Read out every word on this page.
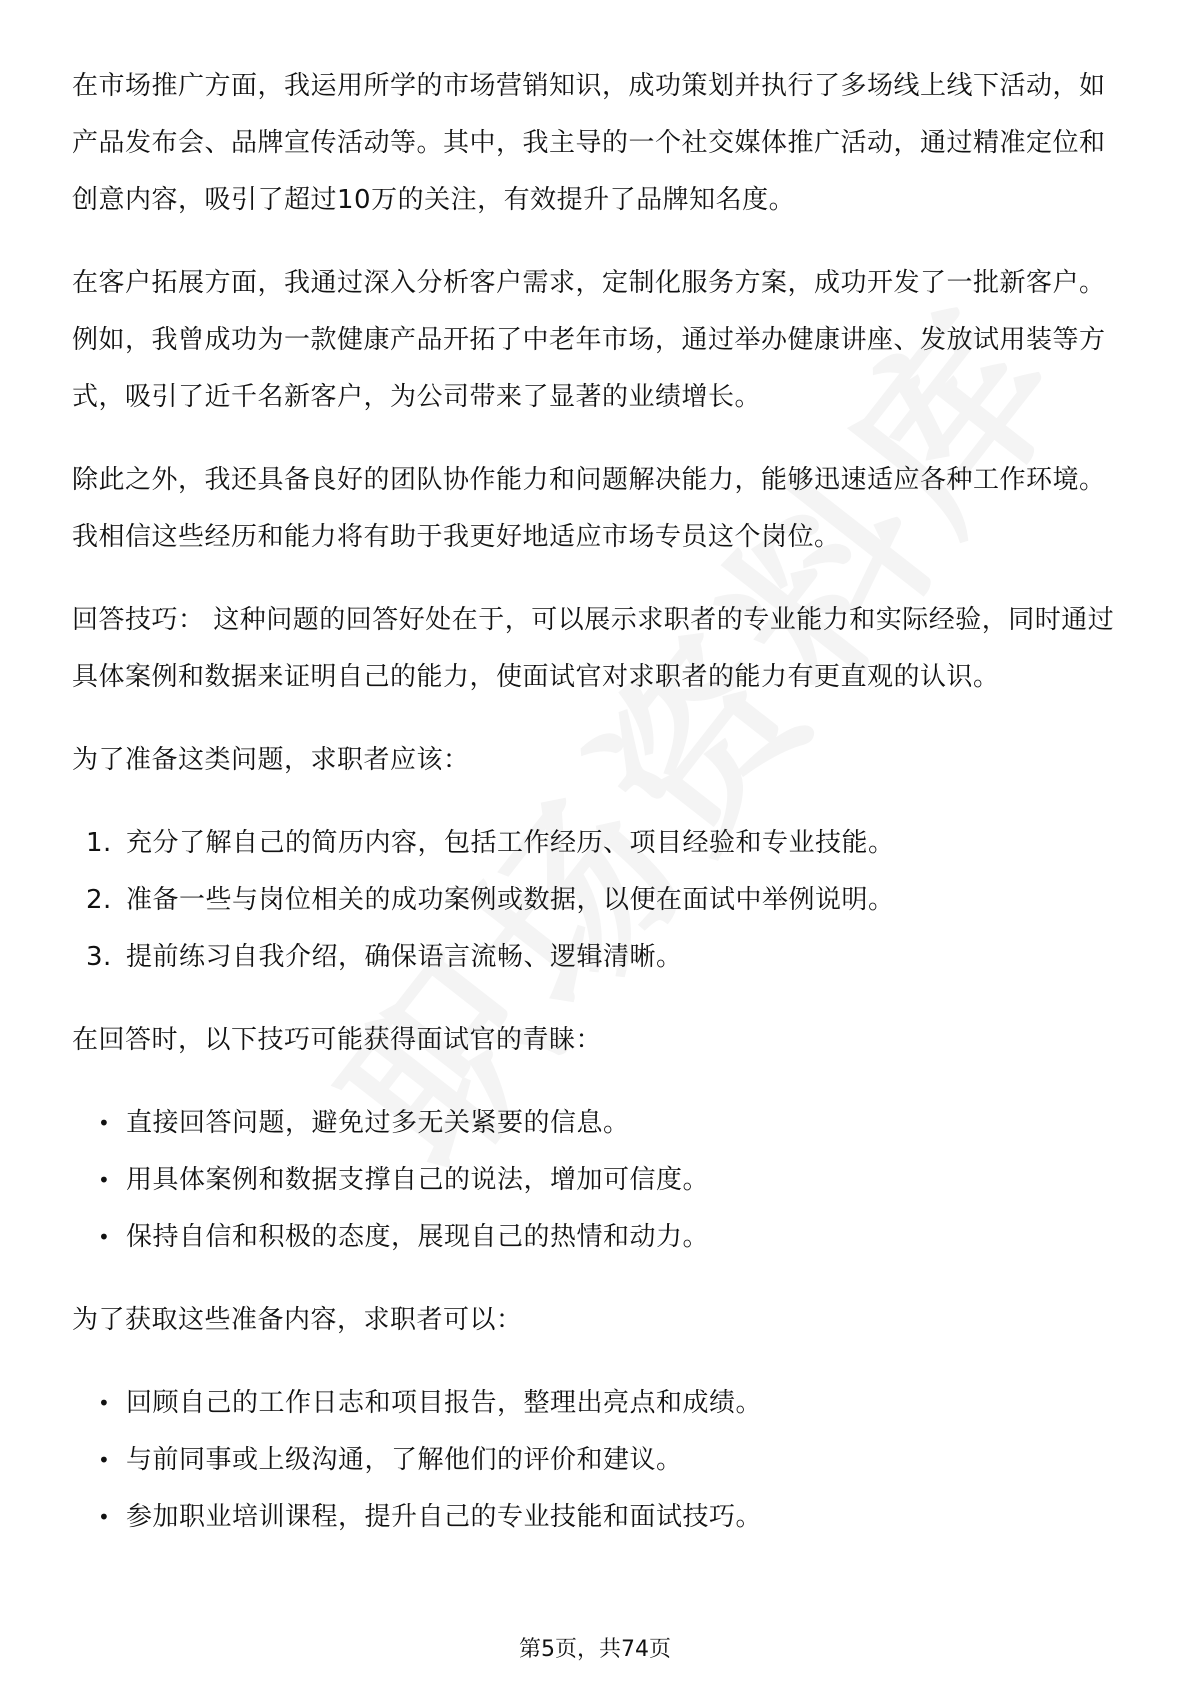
在市场推广方面，我运用所学的市场营销知识，成功策划并执行了多场线上线下活动，如产品发布会、品牌宣传活动等。其中，我主导的一个社交媒体推广活动，通过精准定位和创意内容，吸引了超过10万的关注，有效提升了品牌知名度。

在客户拓展方面，我通过深入分析客户需求，定制化服务方案，成功开发了一批新客户。例如，我曾成功为一款健康产品开拓了中老年市场，通过举办健康讲座、发放试用装等方式，吸引了近千名新客户，为公司带来了显著的业绩增长。

除此之外，我还具备良好的团队协作能力和问题解决能力，能够迅速适应各种工作环境。我相信这些经历和能力将有助于我更好地适应市场专员这个岗位。

回答技巧： 这种问题的回答好处在于，可以展示求职者的专业能力和实际经验，同时通过具体案例和数据来证明自己的能力，使面试官对求职者的能力有更直观的认识。

为了准备这类问题，求职者应该：

1. 充分了解自己的简历内容，包括工作经历、项目经验和专业技能。
2. 准备一些与岗位相关的成功案例或数据，以便在面试中举例说明。
3. 提前练习自我介绍，确保语言流畅、逻辑清晰。

在回答时，以下技巧可能获得面试官的青睐：

• 直接回答问题，避免过多无关紧要的信息。
• 用具体案例和数据支撑自己的说法，增加可信度。
• 保持自信和积极的态度，展现自己的热情和动力。

为了获取这些准备内容，求职者可以：

• 回顾自己的工作日志和项目报告，整理出亮点和成绩。
• 与前同事或上级沟通，了解他们的评价和建议。
• 参加职业培训课程，提升自己的专业技能和面试技巧。
第5页，共74页
